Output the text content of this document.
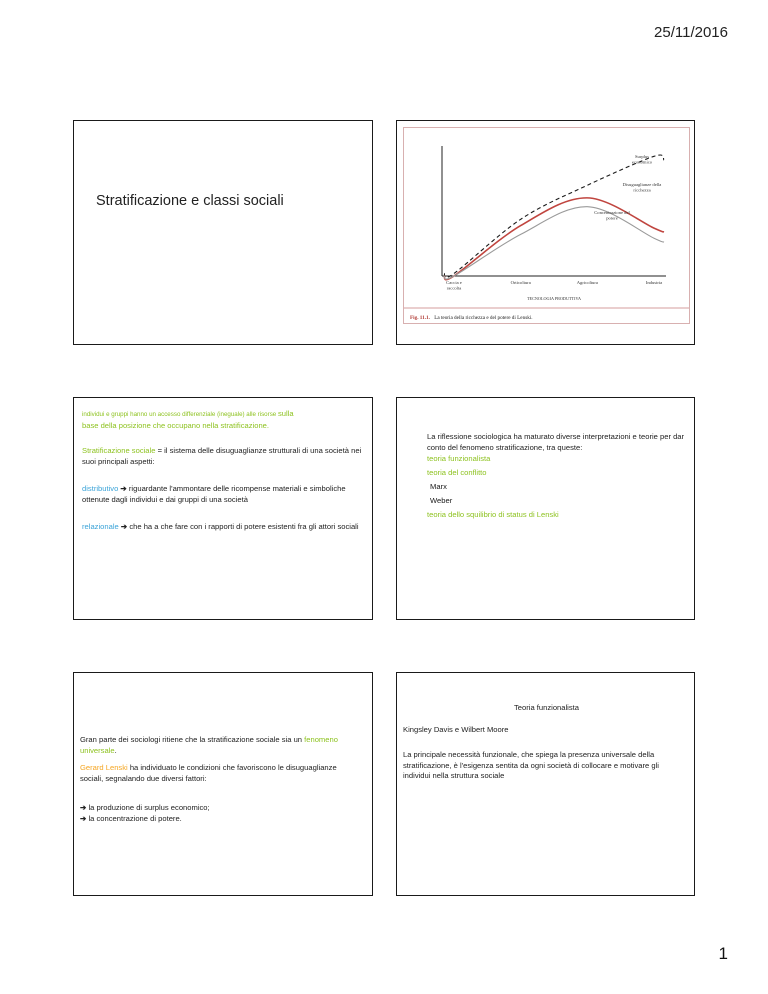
25/11/2016
Stratificazione e classi sociali
Surplus economico
Disuguaglianze della ricchezza
Concentrazione del potere
Caccia e raccolta
Orticoltura	Agricoltura	Industria
TECNOLOGIA PRODUTTIVA
Fig. 11.1. La teoria della ricchezza e del potere di Lenski.
individui e gruppi hanno un accesso differenziale (ineguale) alle risorse sulla
base della posizione che occupano nella stratificazione.
Stratificazione sociale = il sistema delle disuguaglianze strutturali di una società nei suoi principali aspetti:
distributivo ➔ riguardante l'ammontare delle ricompense materiali e simboliche ottenute dagli individui e dai gruppi di una società
relazionale ➔ che ha a che fare con i rapporti di potere esistenti fra gli attori sociali
La riflessione sociologica ha maturato diverse interpretazioni e teorie per dar conto del fenomeno stratificazione, tra queste:
teoria funzionalista
teoria del conflitto
Marx
Weber
teoria dello squilibrio di status di Lenski
Gran parte dei sociologi ritiene che la stratificazione sociale sia un fenomeno universale.
Gerard Lenski ha individuato le condizioni che favoriscono le disuguaglianze sociali, segnalando due diversi fattori:
➔ la produzione di surplus economico;
➔ la concentrazione di potere.
Teoria funzionalista
Kingsley Davis e Wilbert Moore
La principale necessità funzionale, che spiega la presenza universale della stratificazione, è l'esigenza sentita da ogni società di collocare e motivare gli individui nella struttura sociale
1
